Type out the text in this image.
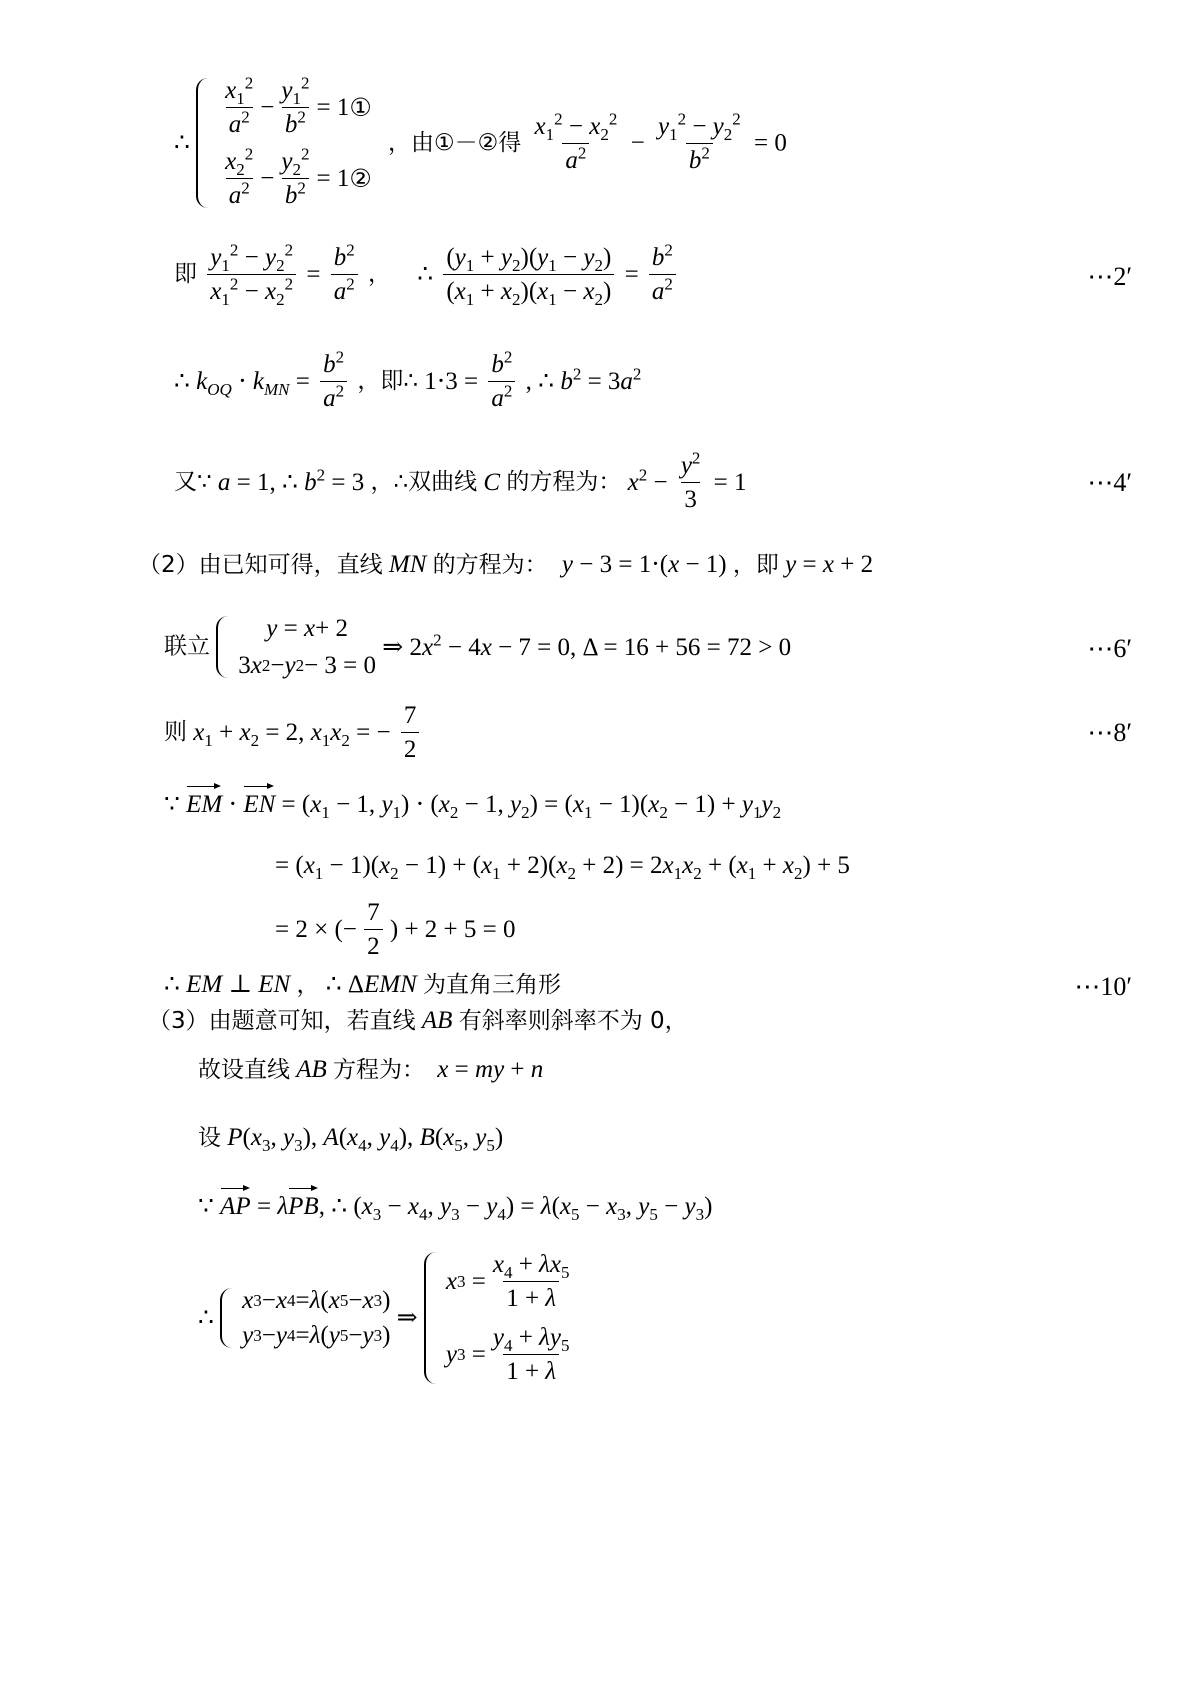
∴
$\frac{x_1^2}{a^2} - \frac{y_1^2}{b^2} = 1$ ①
$\frac{x_2^2}{a^2} - \frac{y_2^2}{b^2} = 1$ ②
，由①－②得 $\frac{x_1^2 - x_2^2}{a^2} - \frac{y_1^2 - y_2^2}{b^2} = 0$
即 $\frac{y_1^2 - y_2^2}{x_1^2 - x_2^2} = \frac{b^2}{a^2}$ ， ∴ $\frac{(y_1 + y_2)(y_1 - y_2)}{(x_1 + x_2)(x_1 - x_2)} = \frac{b^2}{a^2}$	⋯2′
∴ $k_{OQ} \cdot k_{MN} = \frac{b^2}{a^2}$ ，即∴ $1\cdot 3 = \frac{b^2}{a^2}$ , ∴ $b^2 = 3a^2$
又∵ a = 1, ∴ $b^2 = 3$ ，∴双曲线 C 的方程为： $x^2 - \frac{y^2}{3} = 1$	⋯4′
（2）由已知可得，直线 MN 的方程为： y − 3 = 1⋅(x − 1) ，即 y = x + 2
联立
y = x + 2
3 x 2 − y 2 − 3 = 0
⇒ $2x^2 - 4x - 7 = 0$, Δ = 16 + 56 = 72 > 0	⋯6′
则 $x_1 + x_2 = 2$, $x_1x_2$ = − $\frac{7}{2}$	⋯8′
∵ EM ⋅ EN = ($x_1 - 1$, $y_1) \cdot (x_2 - 1$, $y_2) = (x_1 - 1)(x_2 - 1) + y_1y_2$
= $(x_1 - 1)(x_2 - 1) + (x_1 + 2)(x_2 + 2) = 2x_1x_2 + (x_1 + x_2) + 5$
= 2 × (− $\frac{7}{2}$ ) + 2 + 5 = 0
∴ EM ⊥ EN ， ∴ ΔEMN 为直角三角形	⋯10′
（3）由题意可知，若直线 AB 有斜率则斜率不为 0，
故设直线 AB 方程为： x = my + n
设 $P(x_3$, $y_3$), $A(x_4$, $y_4$), $B(x_5$, $y_5$)
∵ AP = λPB, ∴ ($x_3 - x_4$, $y_3 - y_4) = \lambda(x_5 - x_3$, $y_5 - y_3$)
∴
x 3 − x 4 = λ ( x 5 − x 3 )
y 3 − y 4 = λ ( y 5 − y 3 )
⇒
x $3 = \frac{x_4 + \lambda x_5}{1 + \lambda}$
y $3 = \frac{y_4 + \lambda y_5}{1 + \lambda}$
